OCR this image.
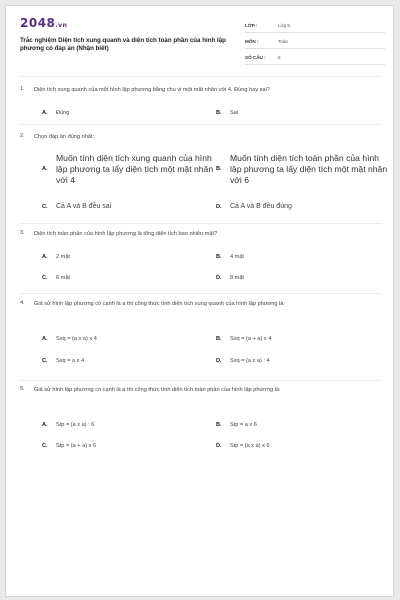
2048.vn
Trắc nghiệm Diện tích xung quanh và diện tích toàn phần của hình lập phương có đáp án (Nhận biết)
LỚP :	Lớp 5
MÔN :	Toán
SỐ CÂU :	5
1. Diện tích xung quanh của một hình lập phương bằng chu vi một mặt nhân với 4. Đúng hay sai?
A. Đúng	B. Sai
2. Chọn đáp án đúng nhất:
A.
Muốn tính diện tích xung quanh của hình lập phương ta lấy diện tích một mặt nhân với 4
B.
Muốn tính diện tích toàn phần của hình lập phương ta lấy diện tích một mặt nhân với 6
C. Cả A và B đều sai	D. Cả A và B đều đúng
3. Diện tích toàn phần của hình lập phương là tổng diện tích bao nhiêu mặt?
A. 2 mặt	B. 4 mặt
C. 6 mặt	D. 8 mặt
4. Giả sử hình lập phương có cạnh là a thì công thức tính diện tích xung quanh của hình lập phương là:
A. Sxq = (a x a) x 4	B. Sxq = (a + a) x 4
C. Sxq = a x 4	D. Sxq = (a x a) : 4
5. Giả sử hình lập phương có cạnh là a thì công thức tính diện tích toàn phần của hình lập phương là:
A. Stp = (a x a) : 6	B. Stp = a x 6
C. Stp = (a + a) x 6	D. Stp = (a x a) x 6
